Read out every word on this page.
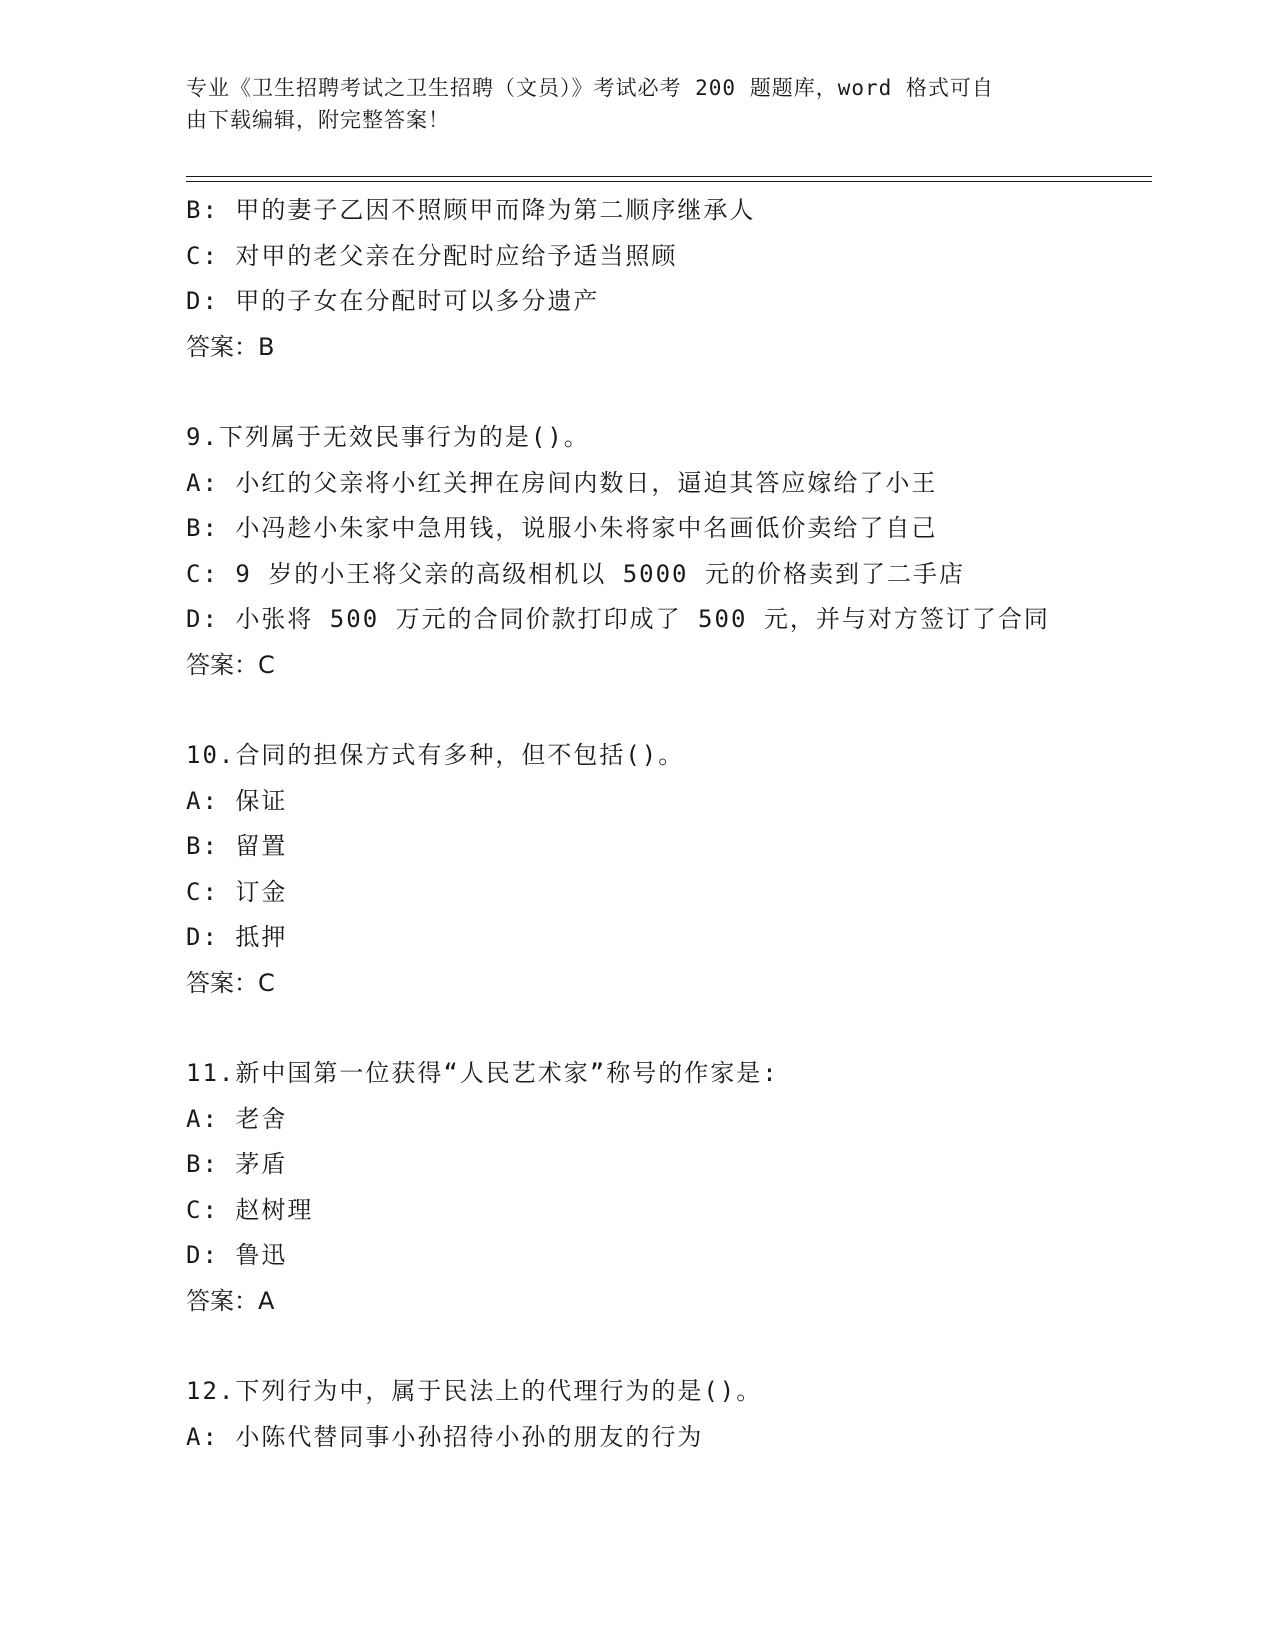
专业《卫生招聘考试之卫生招聘（文员）》考试必考 200 题题库，word 格式可自
由下载编辑，附完整答案！
B: 甲的妻子乙因不照顾甲而降为第二顺序继承人
C: 对甲的老父亲在分配时应给予适当照顾
D: 甲的子女在分配时可以多分遗产
答案：B
9.下列属于无效民事行为的是()。
A: 小红的父亲将小红关押在房间内数日，逼迫其答应嫁给了小王
B: 小冯趁小朱家中急用钱，说服小朱将家中名画低价卖给了自己
C: 9 岁的小王将父亲的高级相机以 5000 元的价格卖到了二手店
D: 小张将 500 万元的合同价款打印成了 500 元，并与对方签订了合同
答案：C
10.合同的担保方式有多种，但不包括()。
A: 保证
B: 留置
C: 订金
D: 抵押
答案：C
11.新中国第一位获得“人民艺术家”称号的作家是:
A: 老舍
B: 茅盾
C: 赵树理
D: 鲁迅
答案：A
12.下列行为中，属于民法上的代理行为的是()。
A: 小陈代替同事小孙招待小孙的朋友的行为
